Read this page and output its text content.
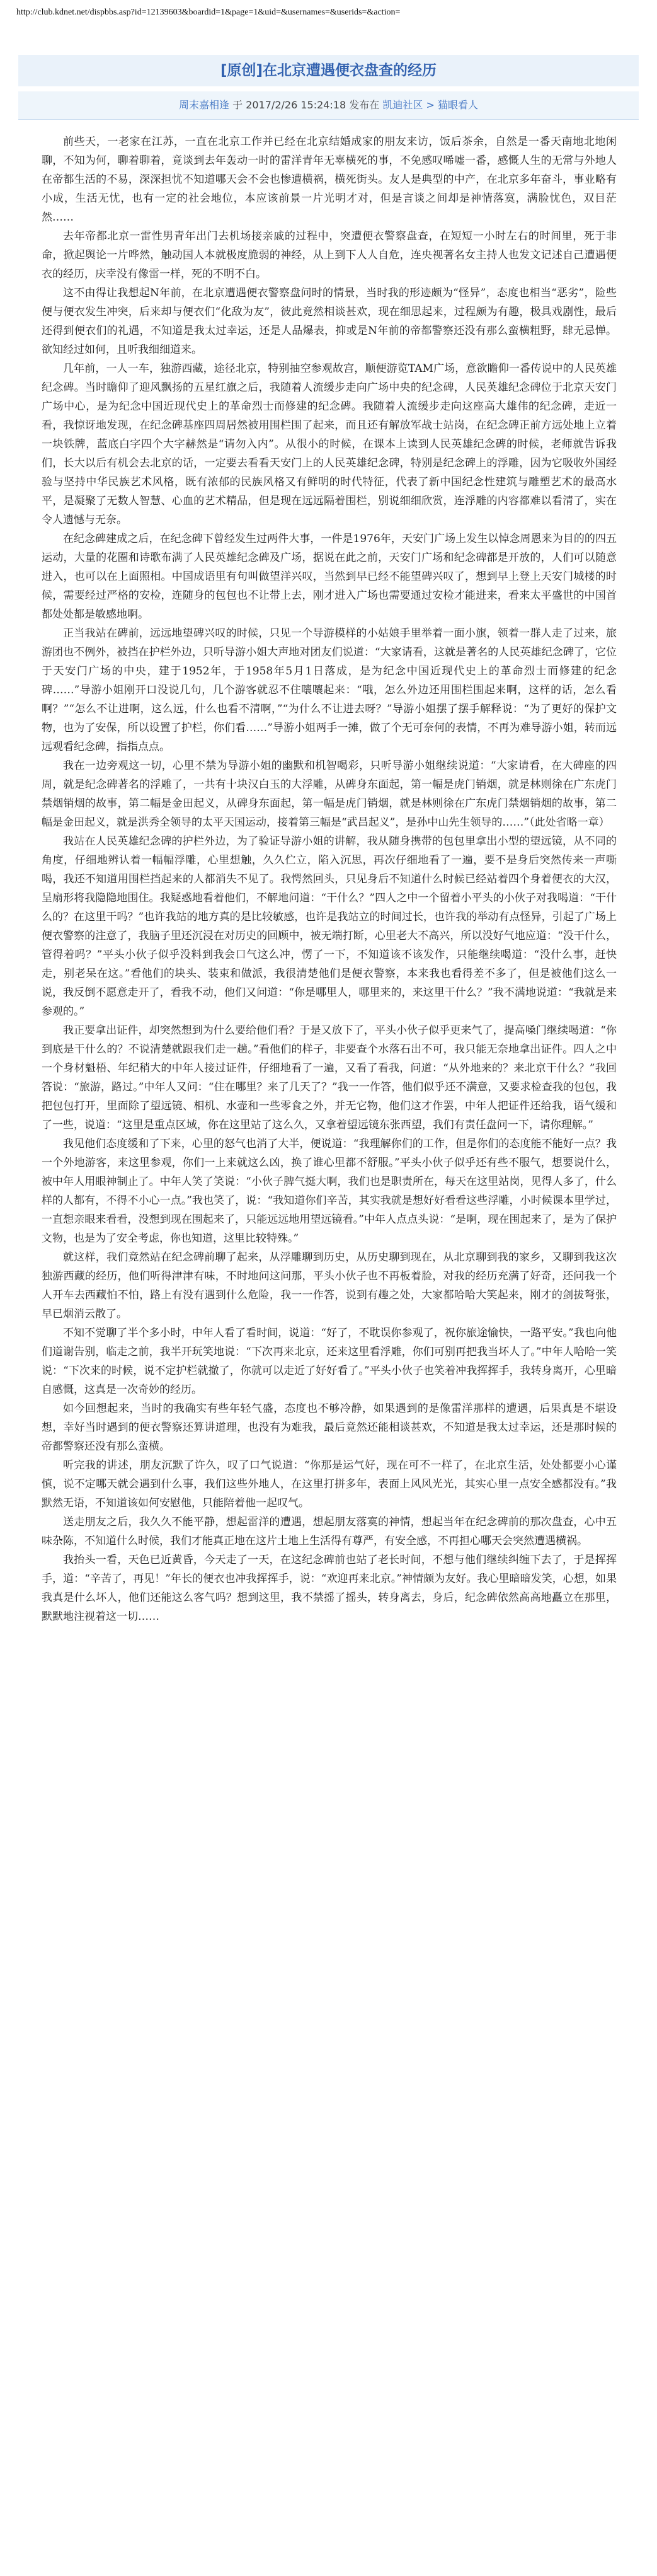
http://club.kdnet.net/dispbbs.asp?id=12139603&boardid=1&page=1&uid=&usernames=&userids=&action=
[原创]在北京遭遇便衣盘查的经历
周末嘉相逢 于 2017/2/26 15:24:18 发布在 凯迪社区 > 猫眼看人

前些天，一老家在江苏，一直在北京工作并已经在北京结婚成家的朋友来访，饭后茶余，自然是一番天南地北地闲聊，不知为何，聊着聊着，竟谈到去年轰动一时的雷洋青年无辜横死的事，不免感叹唏嘘一番，感慨人生的无常与外地人在帝都生活的不易，深深担忧不知道哪天会不会也惨遭横祸，横死街头。友人是典型的中产，在北京多年奋斗，事业略有小成，生活无忧，也有一定的社会地位，本应该前景一片光明才对，但是言谈之间却是神情落寞，满脸忧色，双目茫然……

去年帝都北京一雷性男青年出门去机场接亲戚的过程中，突遭便衣警察盘查，在短短一小时左右的时间里，死于非命，掀起舆论一片哗然，触动国人本就极度脆弱的神经，从上到下人人自危，连央视著名女主持人也发文记述自己遭遇便衣的经历，庆幸没有像雷一样，死的不明不白。

这不由得让我想起N年前，在北京遭遇便衣警察盘问时的情景，当时我的形迹颇为“怪异”，态度也相当“恶劣”，险些便与便衣发生冲突，后来却与便衣们“化敌为友”，彼此竟然相谈甚欢，现在细思起来，过程颇为有趣，极具戏剧性，最后还得到便衣们的礼遇，不知道是我太过幸运，还是人品爆表，抑或是N年前的帝都警察还没有那么蛮横粗野，肆无忌惮。欲知经过如何，且听我细细道来。

几年前，一人一车，独游西藏，途径北京，特别抽空参观故宫，顺便游览TAM广场，意欲瞻仰一番传说中的人民英雄纪念碑。当时瞻仰了迎风飘扬的五星红旗之后，我随着人流缓步走向广场中央的纪念碑，人民英雄纪念碑位于北京天安门广场中心，是为纪念中国近现代史上的革命烈士而修建的纪念碑。我随着人流缓步走向这座高大雄伟的纪念碑，走近一看，我惊讶地发现，在纪念碑基座四周居然被用围栏围了起来，而且还有解放军战士站岗，在纪念碑正前方远处地上立着一块铁牌，蓝底白字四个大字赫然是“请勿入内”。从很小的时候，在课本上读到人民英雄纪念碑的时候，老师就告诉我们，长大以后有机会去北京的话，一定要去看看天安门上的人民英雄纪念碑，特别是纪念碑上的浮雕，因为它吸收外国经验与坚持中华民族艺术风格，既有浓郁的民族风格又有鲜明的时代特征，代表了新中国纪念性建筑与雕塑艺术的最高水平，是凝聚了无数人智慧、心血的艺术精品，但是现在远远隔着围栏，别说细细欣赏，连浮雕的内容都难以看清了，实在令人遗憾与无奈。

在纪念碑建成之后，在纪念碑下曾经发生过两件大事，一件是1976年，天安门广场上发生以悼念周恩来为目的的四五运动，大量的花圈和诗歌布满了人民英雄纪念碑及广场，据说在此之前，天安门广场和纪念碑都是开放的，人们可以随意进入，也可以在上面照相。中国成语里有句叫做望洋兴叹，当然到早已经不能望碑兴叹了，想到早上登上天安门城楼的时候，需要经过严格的安检，连随身的包包也不让带上去，刚才进入广场也需要通过安检才能进来，看来太平盛世的中国首都处处都是敏感地啊。

正当我站在碑前，远远地望碑兴叹的时候，只见一个导游模样的小姑娘手里举着一面小旗，领着一群人走了过来，旅游团也不例外，被挡在护栏外边，只听导游小姐大声地对团友们说道：“大家请看，这就是著名的人民英雄纪念碑了，它位于天安门广场的中央，建于1952年，于1958年5月1日落成，是为纪念中国近现代史上的革命烈士而修建的纪念碑……”导游小姐刚开口没说几句，几个游客就忍不住嚷嚷起来：“哦，怎么外边还用围栏围起来啊，这样的话，怎么看啊？”“怎么不让进啊，这么远，什么也看不清啊，”“为什么不让进去呀？”导游小姐摆了摆手解释说：“为了更好的保护文物，也为了安保，所以设置了护栏，你们看……”导游小姐两手一摊，做了个无可奈何的表情，不再为难导游小姐，转而远远观看纪念碑，指指点点。

我在一边旁观这一切，心里不禁为导游小姐的幽默和机智喝彩，只听导游小姐继续说道：“大家请看，在大碑座的四周，就是纪念碑著名的浮雕了，一共有十块汉白玉的大浮雕，从碑身东面起，第一幅是虎门销烟，就是林则徐在广东虎门禁烟销烟的故事，第二幅是金田起义，从碑身东面起，第一幅是虎门销烟，就是林则徐在广东虎门禁烟销烟的故事，第二幅是金田起义，就是洪秀全领导的太平天国运动，接着第三幅是“武昌起义”，是孙中山先生领导的……”（此处省略一章）

我站在人民英雄纪念碑的护栏外边，为了验证导游小姐的讲解，我从随身携带的包包里拿出小型的望远镜，从不同的角度，仔细地辨认着一幅幅浮雕，心里想触，久久伫立，陷入沉思，再次仔细地看了一遍，要不是身后突然传来一声嘶喝，我还不知道用围栏挡起来的人都消失不见了。我愕然回头，只见身后不知道什么时候已经站着四个身着便衣的大汉，呈扇形将我隐隐地围住。我疑惑地看着他们，不解地问道：“干什么？”四人之中一个留着小平头的小伙子对我喝道：“干什么的？在这里干吗？”也许我站的地方真的是比较敏感，也许是我站立的时间过长，也许我的举动有点怪异，引起了广场上便衣警察的注意了，我脑子里还沉浸在对历史的回顾中，被无端打断，心里老大不高兴，所以没好气地应道：“没干什么，管得着吗？”平头小伙子似乎没料到我会口气这么冲，愣了一下，不知道该不该发作，只能继续喝道：“没什么事，赶快走，别老呆在这。”看他们的块头、装束和做派，我很清楚他们是便衣警察，本来我也看得差不多了，但是被他们这么一说，我反倒不愿意走开了，看我不动，他们又问道：“你是哪里人，哪里来的，来这里干什么？”我不满地说道：“我就是来参观的。”

我正要拿出证件，却突然想到为什么要给他们看？于是又放下了，平头小伙子似乎更来气了，提高嗓门继续喝道：“你到底是干什么的？不说清楚就跟我们走一趟。”看他们的样子，非要查个水落石出不可，我只能无奈地拿出证件。四人之中一个身材魁梧、年纪稍大的中年人接过证件，仔细地看了一遍，又看了看我，问道：“从外地来的？来北京干什么？”我回答说：“旅游，路过。”中年人又问：“住在哪里？来了几天了？”我一一作答，他们似乎还不满意，又要求检查我的包包，我把包包打开，里面除了望远镜、相机、水壶和一些零食之外，并无它物，他们这才作罢，中年人把证件还给我，语气缓和了一些，说道：“这里是重点区域，你在这里站了这么久，又拿着望远镜东张西望，我们有责任盘问一下，请你理解。”

我见他们态度缓和了下来，心里的怒气也消了大半，便说道：“我理解你们的工作，但是你们的态度能不能好一点？我一个外地游客，来这里参观，你们一上来就这么凶，换了谁心里都不舒服。”平头小伙子似乎还有些不服气，想要说什么，被中年人用眼神制止了。中年人笑了笑说：“小伙子脾气挺大啊，我们也是职责所在，每天在这里站岗，见得人多了，什么样的人都有，不得不小心一点。”我也笑了，说：“我知道你们辛苦，其实我就是想好好看看这些浮雕，小时候课本里学过，一直想亲眼来看看，没想到现在围起来了，只能远远地用望远镜看。”中年人点点头说：“是啊，现在围起来了，是为了保护文物，也是为了安全考虑，你也知道，这里比较特殊。”

就这样，我们竟然站在纪念碑前聊了起来，从浮雕聊到历史，从历史聊到现在，从北京聊到我的家乡，又聊到我这次独游西藏的经历，他们听得津津有味，不时地问这问那，平头小伙子也不再板着脸，对我的经历充满了好奇，还问我一个人开车去西藏怕不怕，路上有没有遇到什么危险，我一一作答，说到有趣之处，大家都哈哈大笑起来，刚才的剑拔弩张，早已烟消云散了。

不知不觉聊了半个多小时，中年人看了看时间，说道：“好了，不耽误你参观了，祝你旅途愉快，一路平安。”我也向他们道谢告别，临走之前，我半开玩笑地说：“下次再来北京，还来这里看浮雕，你们可别再把我当坏人了。”中年人哈哈一笑说：“下次来的时候，说不定护栏就撤了，你就可以走近了好好看了。”平头小伙子也笑着冲我挥挥手，我转身离开，心里暗自感慨，这真是一次奇妙的经历。

如今回想起来，当时的我确实有些年轻气盛，态度也不够冷静，如果遇到的是像雷洋那样的遭遇，后果真是不堪设想，幸好当时遇到的便衣警察还算讲道理，也没有为难我，最后竟然还能相谈甚欢，不知道是我太过幸运，还是那时候的帝都警察还没有那么蛮横。

听完我的讲述，朋友沉默了许久，叹了口气说道：“你那是运气好，现在可不一样了，在北京生活，处处都要小心谨慎，说不定哪天就会遇到什么事，我们这些外地人，在这里打拼多年，表面上风风光光，其实心里一点安全感都没有。”我默然无语，不知道该如何安慰他，只能陪着他一起叹气。

送走朋友之后，我久久不能平静，想起雷洋的遭遇，想起朋友落寞的神情，想起当年在纪念碑前的那次盘查，心中五味杂陈，不知道什么时候，我们才能真正地在这片土地上生活得有尊严，有安全感，不再担心哪天会突然遭遇横祸。

我抬头一看，天色已近黄昏，今天走了一天，在这纪念碑前也站了老长时间，不想与他们继续纠缠下去了，于是挥挥手，道：“辛苦了，再见！”年长的便衣也冲我挥挥手，说：“欢迎再来北京。”神情颇为友好。我心里暗暗发笑，心想，如果我真是什么坏人，他们还能这么客气吗？想到这里，我不禁摇了摇头，转身离去，身后，纪念碑依然高高地矗立在那里，默默地注视着这一切……
